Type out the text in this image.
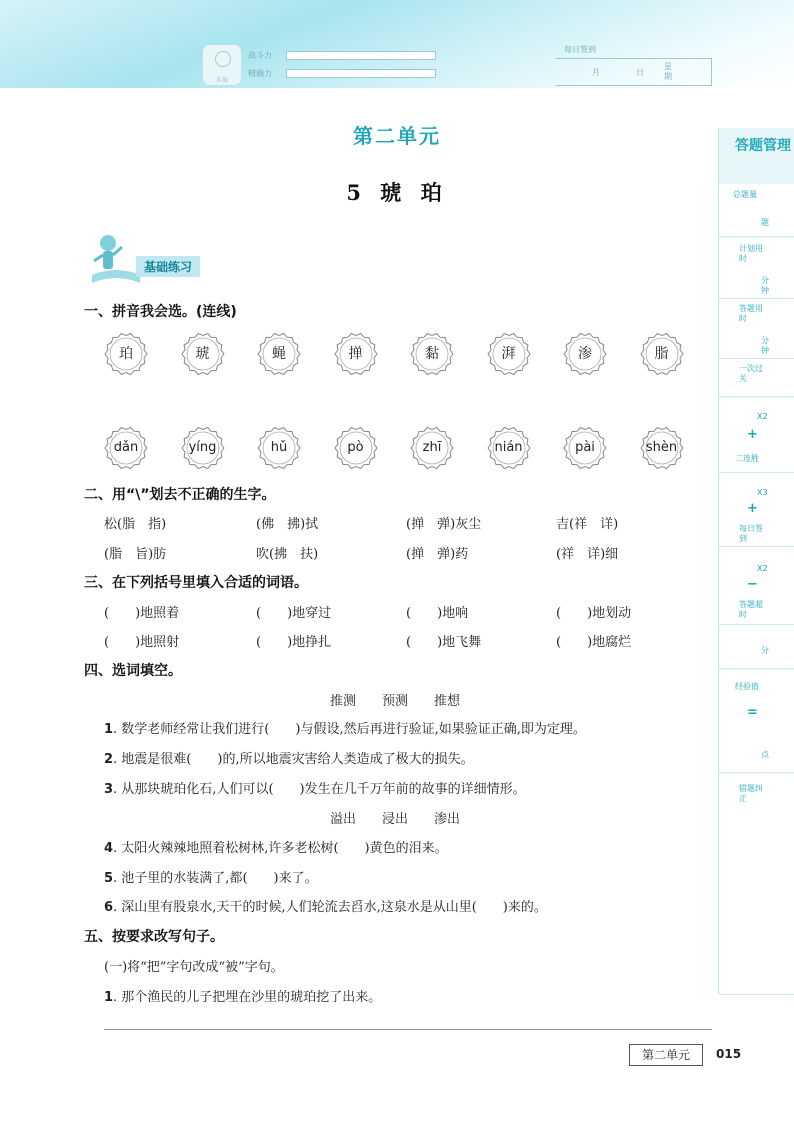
头像
战斗力
精确力
每日签到
月	日
星
期
第二单元
5 琥 珀
基础练习
一、拼音我会选。(连线)
珀	琥	蝇	掸	黏	湃	渗	脂
dǎn	yíng	hǔ	pò	zhī	nián	pài	shèn
二、用“\”划去不正确的生字。
松(脂　指)	(佛　拂)拭	(掸　弹)灰尘	吉(祥　详)
(脂　旨)肪	吹(拂　扶)	(掸　弹)药	(祥　详)细
三、在下列括号里填入合适的词语。
(　　)地照着	(　　)地穿过	(　　)地响	(　　)地划动
(　　)地照射	(　　)地挣扎	(　　)地飞舞	(　　)地腐烂
四、选词填空。
推测　　预测　　推想
1. 数学老师经常让我们进行(　　)与假设,然后再进行验证,如果验证正确,即为定理。
2. 地震是很难(　　)的,所以地震灾害给人类造成了极大的损失。
3. 从那块琥珀化石,人们可以(　　)发生在几千万年前的故事的详细情形。
溢出　　浸出　　渗出
4. 太阳火辣辣地照着松树林,许多老松树(　　)黄色的泪来。
5. 池子里的水装满了,都(　　)来了。
6. 深山里有股泉水,天干的时候,人们轮流去舀水,这泉水是从山里(　　)来的。
五、按要求改写句子。
(一)将“把”字句改成“被”字句。
1. 那个渔民的儿子把埋在沙里的琥珀挖了出来。
答题管理
总题量
题
计划用时
分钟
答题用时
分钟
一次过关
X2
+
二连胜
X3
+
每日签到
X2
−
答题超时
分
经验值
=
点
错题纠正
第二单元	015
